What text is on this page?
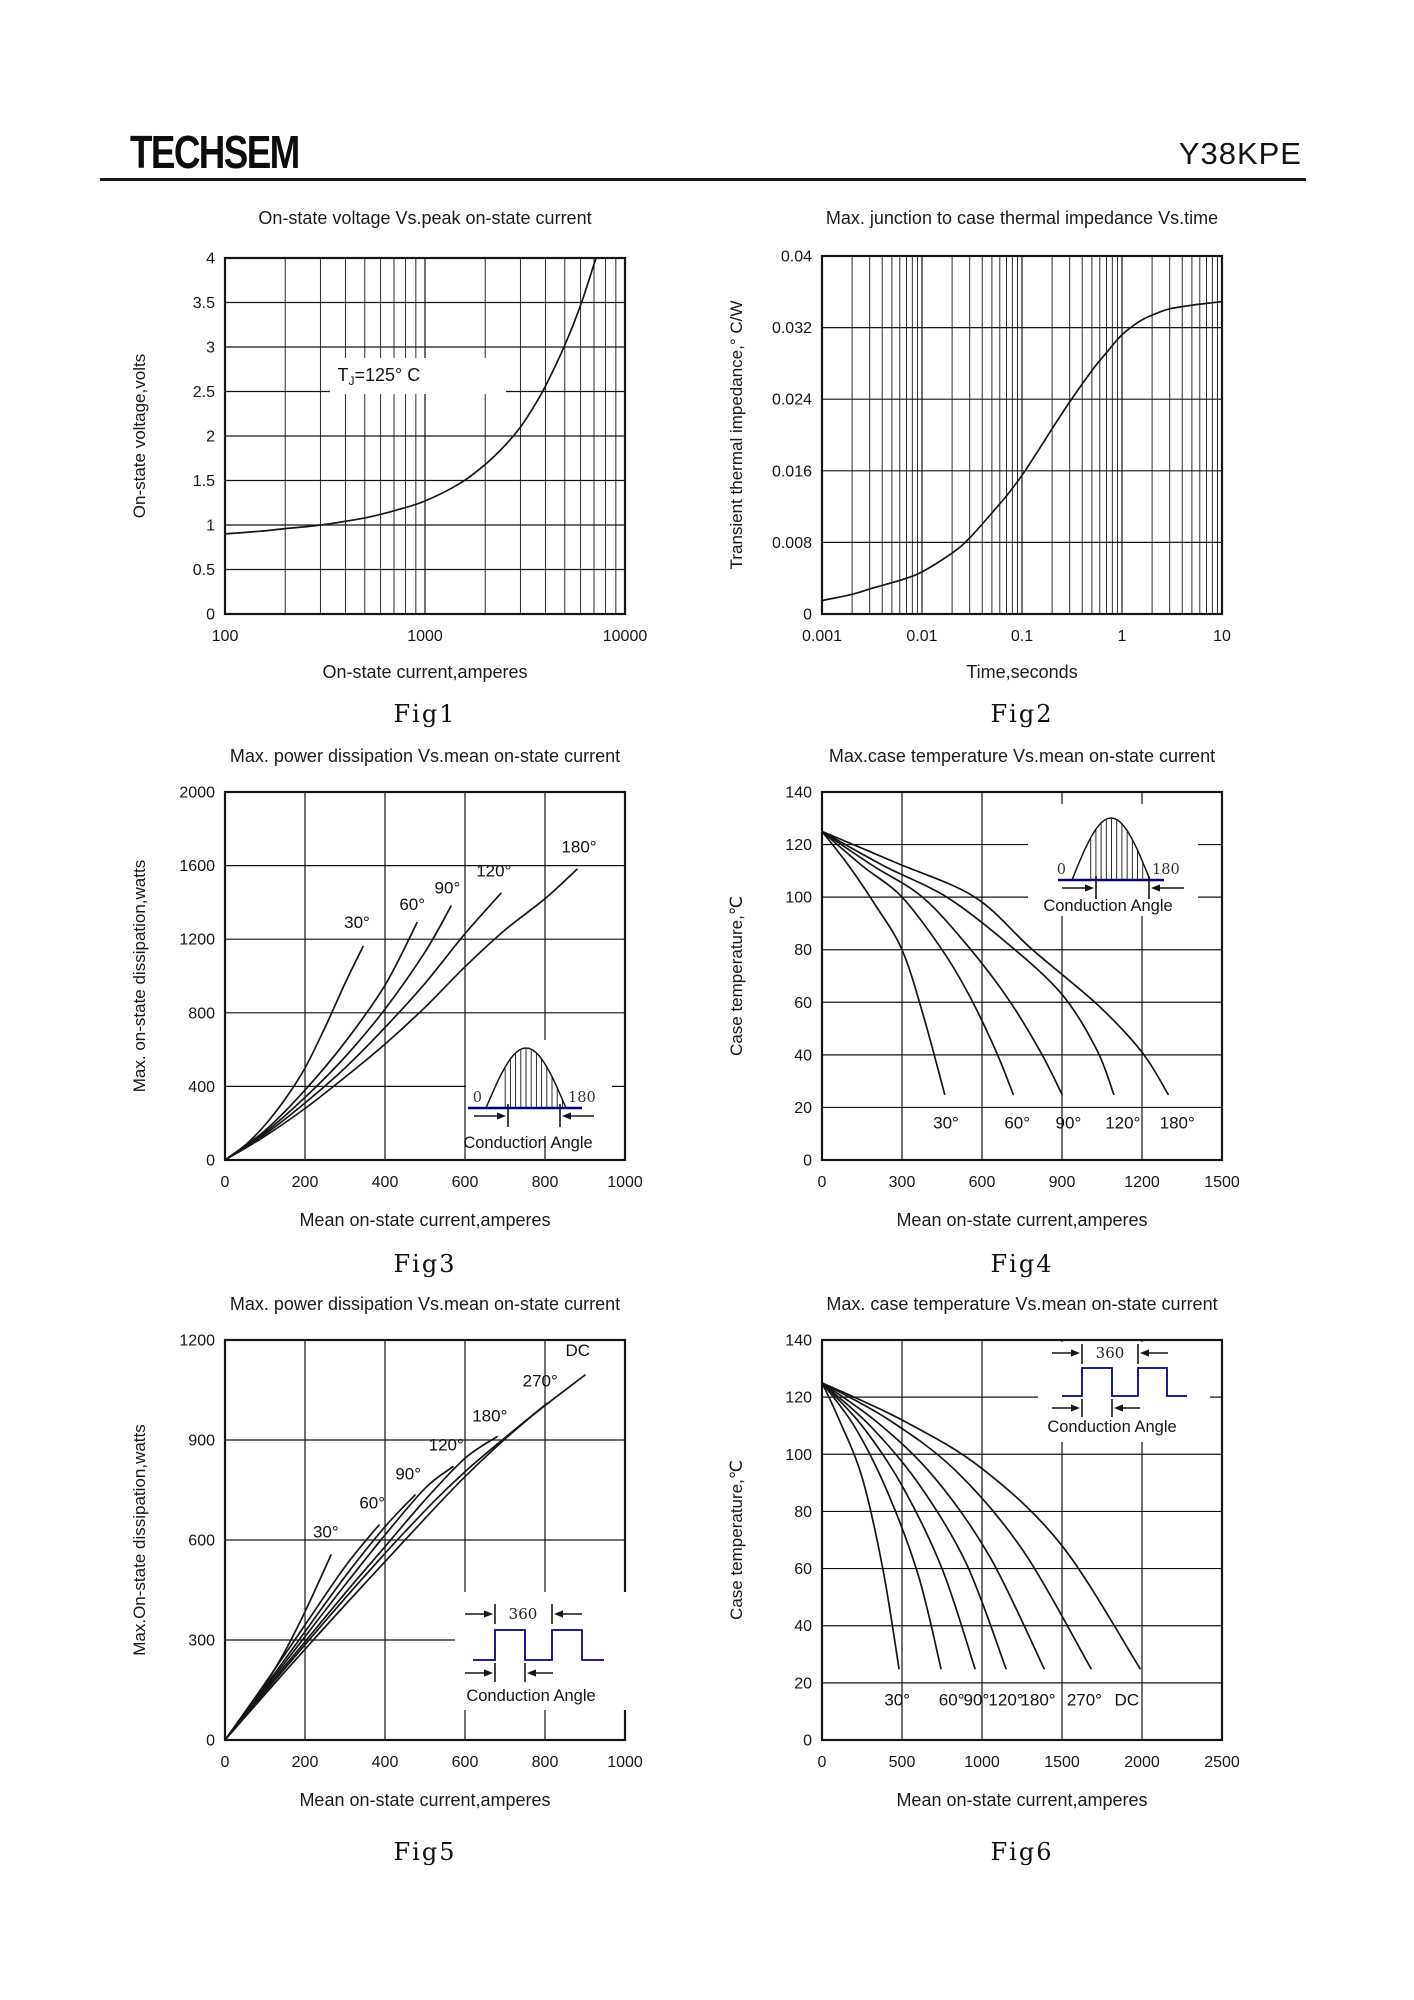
TECHSEM	Y38KPE
0
0.5
1
1.5
2
2.5
3
3.5
4
100	1000	10000
On-state voltage,volts	$T_J=125^\circ$ C
0
0.008
0.016
0.024
0.032
0.04
0.001	0.01	0.1	1	10
Transient thermal impedance,° C/W
0
400
800
1200
1600
2000
0	200	400	600	800	1000
Max. on-state dissipation,watts
0	180
Conduction Angle
30°
60°
90°
120°
180°
0
20
40
60
80
100
120
140
0	300	600	900	1200	1500
Case temperature,℃
0	180
Conduction Angle
30°	60° 90° 120° 180°
0
300
600
900
1200
0	200	400	600	800	1000
Max.On-state dissipation,watts	360
Conduction Angle
30°
60°
90°
120°
180°
270°
DC
0
20
40
60
80
100
120
140
0	500	1000	1500	2000	2500
Case temperature,℃
360
Conduction Angle
30° 60° 90° 120°
180° 270° DC
On-state voltage Vs.peak on-state current	Max. junction to case thermal impedance Vs.time
Max. power dissipation Vs.mean on-state current	Max.case temperature Vs.mean on-state current
Max. power dissipation Vs.mean on-state current	Max. case temperature Vs.mean on-state current
On-state current,amperes	Time,seconds
Mean on-state current,amperes	Mean on-state current,amperes
Mean on-state current,amperes	Mean on-state current,amperes
Fig1	Fig2
Fig3	Fig4
Fig5	Fig6
